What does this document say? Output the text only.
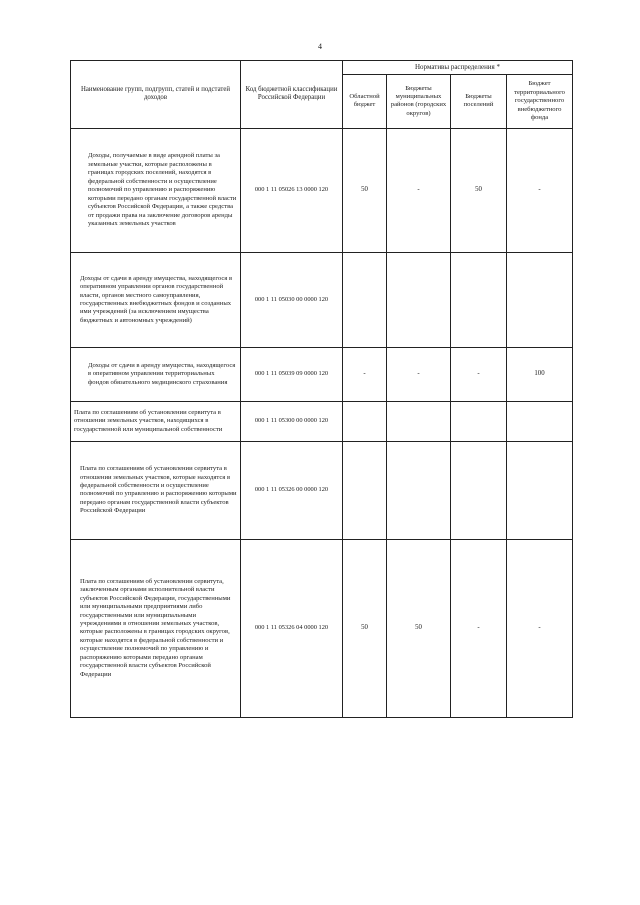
4
Наименование групп, подгрупп, статей и подстатей доходов	Код бюджетной классификации Российской Федерации	Нормативы распределения *			
		Областной бюджет	Бюджеты муниципальных районов (городских округов)	Бюджеты поселений	Бюджет территориального государственного внебюджетного фонда

Доходы, получаемые в виде арендной платы за земельные участки, которые расположены в границах городских поселений, находятся в федеральной собственности и осуществление полномочий по управлению и распоряжению которыми передано органам государственной власти субъектов Российской Федерации, а также средства от продажи права на заключение договоров аренды указанных земельных участков	000 1 11 05026 13 0000 120	50	-	50	-

Доходы от сдачи в аренду имущества, находящегося в оперативном управлении органов государственной власти, органов местного самоуправления, государственных внебюджетных фондов и созданных ими учреждений (за исключением имущества бюджетных и автономных учреждений)	000 1 11 05030 00 0000 120				

Доходы от сдачи в аренду имущества, находящегося в оперативном управлении территориальных фондов обязательного медицинского страхования	000 1 11 05039 09 0000 120	-	-	-	100
Плата по соглашениям об установлении сервитута в отношении земельных участков, находящихся в государственной или муниципальной собственности	000 1 11 05300 00 0000 120				

Плата по соглашениям об установлении сервитута в отношении земельных участков, которые находятся в федеральной собственности и осуществление полномочий по управлению и распоряжению которыми передано органам государственной власти субъектов Российской Федерации	000 1 11 05326 00 0000 120				

Плата по соглашениям об установлении сервитута, заключенным органами исполнительной власти субъектов Российской Федерации, государственными или муниципальными предприятиями либо государственными или муниципальными учреждениями в отношении земельных участков, которые расположены в границах городских округов, которые находятся в федеральной собственности и осуществление полномочий по управлению и распоряжению которыми передано органам государственной власти субъектов Российской Федерации	000 1 11 05326 04 0000 120	50	50	-	-
